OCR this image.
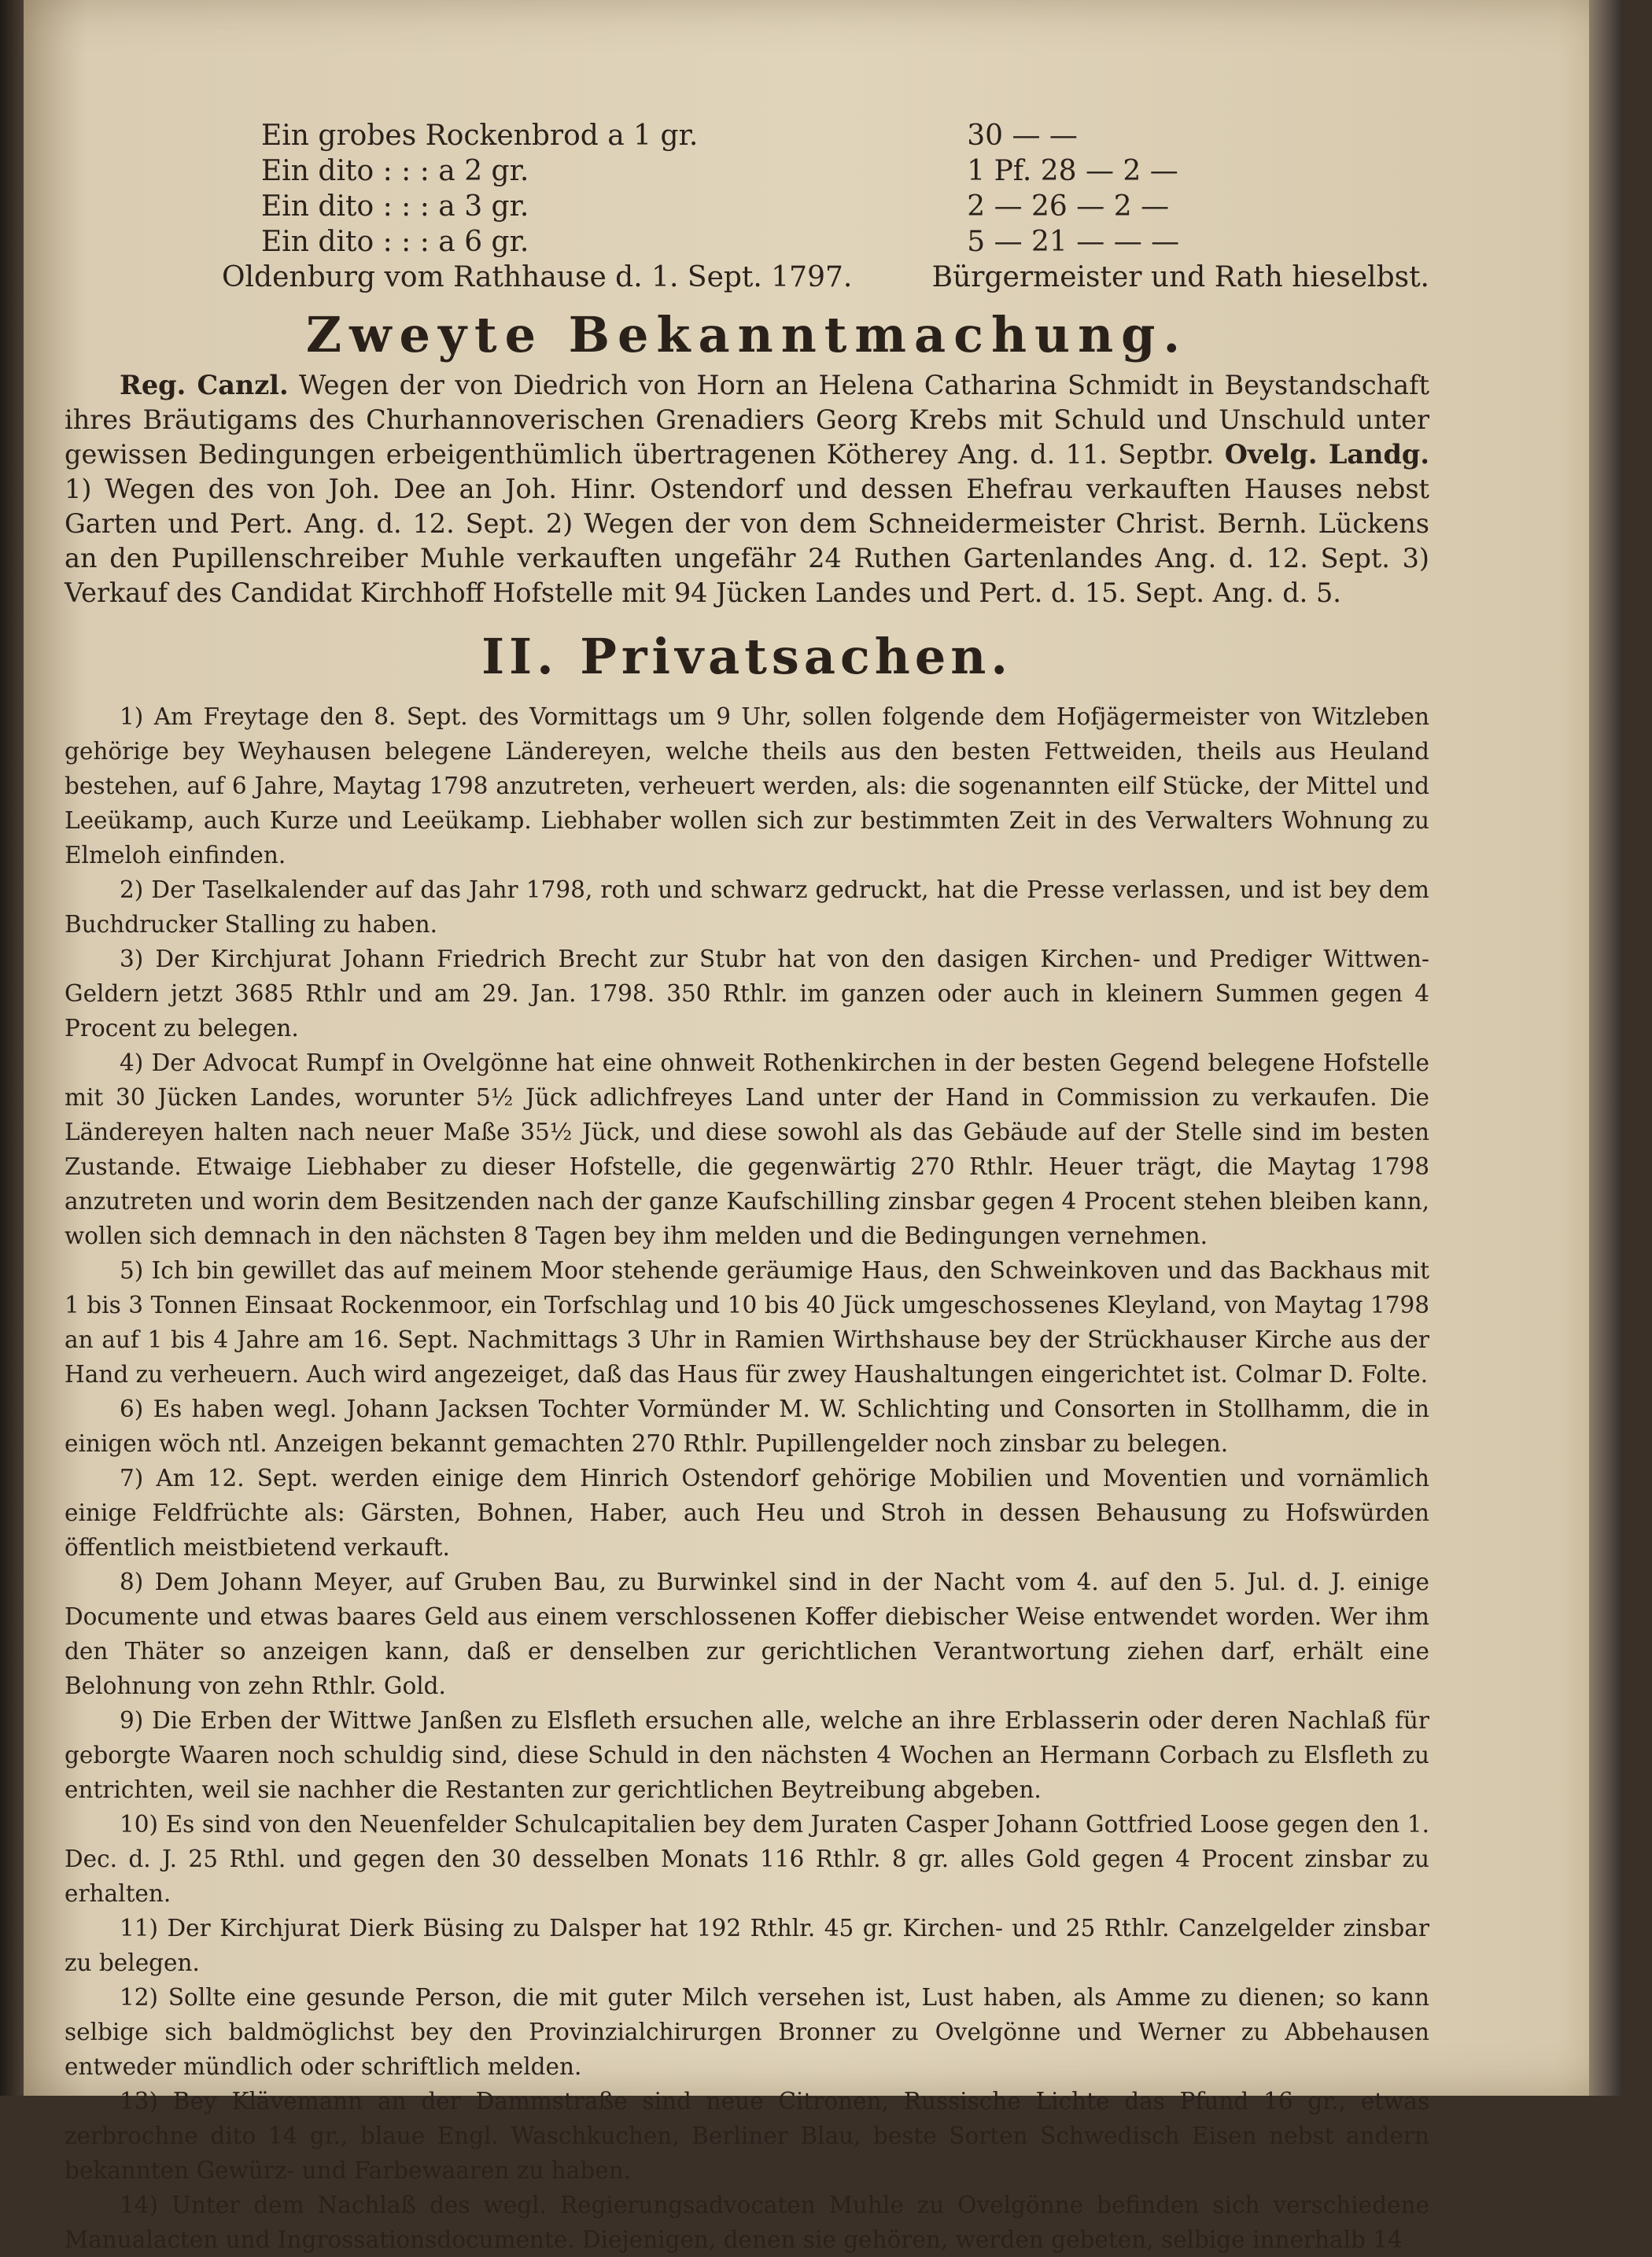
Ein grobes Rockenbrod a 1 gr.	30 — —
Ein dito : : : a 2 gr.	1 Pf. 28 — 2 —
Ein dito : : : a 3 gr.	2 — 26 — 2 —
Ein dito : : : a 6 gr.	5 — 21 — — —
Oldenburg vom Rathhause d. 1. Sept. 1797.	Bürgermeister und Rath hieselbst.
Zweyte Bekanntmachung.

Reg. Canzl. Wegen der von Diedrich von Horn an Helena Catharina Schmidt in Beystandschaft ihres Bräutigams des Churhannoverischen Grenadiers Georg Krebs mit Schuld und Unschuld unter gewissen Bedingungen erbeigenthümlich übertragenen Kötherey Ang. d. 11. Septbr. Ovelg. Landg. 1) Wegen des von Joh. Dee an Joh. Hinr. Ostendorf und dessen Ehefrau verkauften Hauses nebst Garten und Pert. Ang. d. 12. Sept. 2) Wegen der von dem Schneidermeister Christ. Bernh. Lückens an den Pupillenschreiber Muhle verkauften ungefähr 24 Ruthen Gartenlandes Ang. d. 12. Sept. 3) Verkauf des Candidat Kirchhoff Hofstelle mit 94 Jücken Landes und Pert. d. 15. Sept. Ang. d. 5.

II. Privatsachen.

1) Am Freytage den 8. Sept. des Vormittags um 9 Uhr, sollen folgende dem Hofjägermeister von Witzleben gehörige bey Weyhausen belegene Ländereyen, welche theils aus den besten Fettweiden, theils aus Heuland bestehen, auf 6 Jahre, Maytag 1798 anzutreten, verheuert werden, als: die sogenannten eilf Stücke, der Mittel und Leeükamp, auch Kurze und Leeükamp. Liebhaber wollen sich zur bestimmten Zeit in des Verwalters Wohnung zu Elmeloh einfinden.

2) Der Taselkalender auf das Jahr 1798, roth und schwarz gedruckt, hat die Presse verlassen, und ist bey dem Buchdrucker Stalling zu haben.

3) Der Kirchjurat Johann Friedrich Brecht zur Stubr hat von den dasigen Kirchen- und Prediger Wittwen-Geldern jetzt 3685 Rthlr und am 29. Jan. 1798. 350 Rthlr. im ganzen oder auch in kleinern Summen gegen 4 Procent zu belegen.

4) Der Advocat Rumpf in Ovelgönne hat eine ohnweit Rothenkirchen in der besten Gegend belegene Hofstelle mit 30 Jücken Landes, worunter 5½ Jück adlichfreyes Land unter der Hand in Commission zu verkaufen. Die Ländereyen halten nach neuer Maße 35½ Jück, und diese sowohl als das Gebäude auf der Stelle sind im besten Zustande. Etwaige Liebhaber zu dieser Hofstelle, die gegenwärtig 270 Rthlr. Heuer trägt, die Maytag 1798 anzutreten und worin dem Besitzenden nach der ganze Kaufschilling zinsbar gegen 4 Procent stehen bleiben kann, wollen sich demnach in den nächsten 8 Tagen bey ihm melden und die Bedingungen vernehmen.

5) Ich bin gewillet das auf meinem Moor stehende geräumige Haus, den Schweinkoven und das Backhaus mit 1 bis 3 Tonnen Einsaat Rockenmoor, ein Torfschlag und 10 bis 40 Jück umgeschossenes Kleyland, von Maytag 1798 an auf 1 bis 4 Jahre am 16. Sept. Nachmittags 3 Uhr in Ramien Wirthshause bey der Strückhauser Kirche aus der Hand zu verheuern. Auch wird angezeiget, daß das Haus für zwey Haushaltungen eingerichtet ist. Colmar D. Folte.

6) Es haben wegl. Johann Jacksen Tochter Vormünder M. W. Schlichting und Consorten in Stollhamm, die in einigen wöch ntl. Anzeigen bekannt gemachten 270 Rthlr. Pupillengelder noch zinsbar zu belegen.

7) Am 12. Sept. werden einige dem Hinrich Ostendorf gehörige Mobilien und Moventien und vornämlich einige Feldfrüchte als: Gärsten, Bohnen, Haber, auch Heu und Stroh in dessen Behausung zu Hofswürden öffentlich meistbietend verkauft.

8) Dem Johann Meyer, auf Gruben Bau, zu Burwinkel sind in der Nacht vom 4. auf den 5. Jul. d. J. einige Documente und etwas baares Geld aus einem verschlossenen Koffer diebischer Weise entwendet worden. Wer ihm den Thäter so anzeigen kann, daß er denselben zur gerichtlichen Verantwortung ziehen darf, erhält eine Belohnung von zehn Rthlr. Gold.

9) Die Erben der Wittwe Janßen zu Elsfleth ersuchen alle, welche an ihre Erblasserin oder deren Nachlaß für geborgte Waaren noch schuldig sind, diese Schuld in den nächsten 4 Wochen an Hermann Corbach zu Elsfleth zu entrichten, weil sie nachher die Restanten zur gerichtlichen Beytreibung abgeben.

10) Es sind von den Neuenfelder Schulcapitalien bey dem Juraten Casper Johann Gottfried Loose gegen den 1. Dec. d. J. 25 Rthl. und gegen den 30 desselben Monats 116 Rthlr. 8 gr. alles Gold gegen 4 Procent zinsbar zu erhalten.

11) Der Kirchjurat Dierk Büsing zu Dalsper hat 192 Rthlr. 45 gr. Kirchen- und 25 Rthlr. Canzelgelder zinsbar zu belegen.

12) Sollte eine gesunde Person, die mit guter Milch versehen ist, Lust haben, als Amme zu dienen; so kann selbige sich baldmöglichst bey den Provinzialchirurgen Bronner zu Ovelgönne und Werner zu Abbehausen entweder mündlich oder schriftlich melden.

13) Bey Klävemann an der Dammstraße sind neue Citronen, Russische Lichte das Pfund 16 gr., etwas zerbrochne dito 14 gr., blaue Engl. Waschkuchen, Berliner Blau, beste Sorten Schwedisch Eisen nebst andern bekannten Gewürz- und Farbewaaren zu haben.

14) Unter dem Nachlaß des wegl. Regierungsadvocaten Muhle zu Ovelgönne befinden sich verschiedene Manualacten und Ingrossationsdocumente. Diejenigen, denen sie gehören, werden gebeten, selbige innerhalb 14
